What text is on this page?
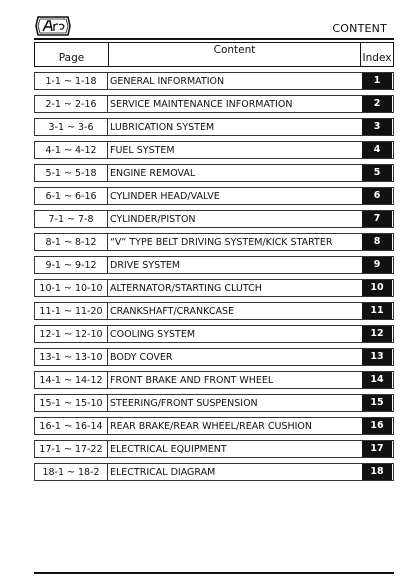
CONTENT
Page	Content	Index

1-1 ~ 1-18	GENERAL INFORMATION	1

2-1 ~ 2-16	SERVICE MAINTENANCE INFORMATION	2

3-1 ~ 3-6	LUBRICATION SYSTEM	3

4-1 ~ 4-12	FUEL SYSTEM	4

5-1 ~ 5-18	ENGINE REMOVAL	5

6-1 ~ 6-16	CYLINDER HEAD/VALVE	6

7-1 ~ 7-8	CYLINDER/PISTON	7

8-1 ~ 8-12	“V” TYPE BELT DRIVING SYSTEM/KICK STARTER	8

9-1 ~ 9-12	DRIVE SYSTEM	9

10-1 ~ 10-10	ALTERNATOR/STARTING CLUTCH	10

11-1 ~ 11-20	CRANKSHAFT/CRANKCASE	11

12-1 ~ 12-10	COOLING SYSTEM	12

13-1 ~ 13-10	BODY COVER	13

14-1 ~ 14-12	FRONT BRAKE AND FRONT WHEEL	14

15-1 ~ 15-10	STEERING/FRONT SUSPENSION	15

16-1 ~ 16-14	REAR BRAKE/REAR WHEEL/REAR CUSHION	16

17-1 ~ 17-22	ELECTRICAL EQUIPMENT	17

18-1 ~ 18-2	ELECTRICAL DIAGRAM	18
